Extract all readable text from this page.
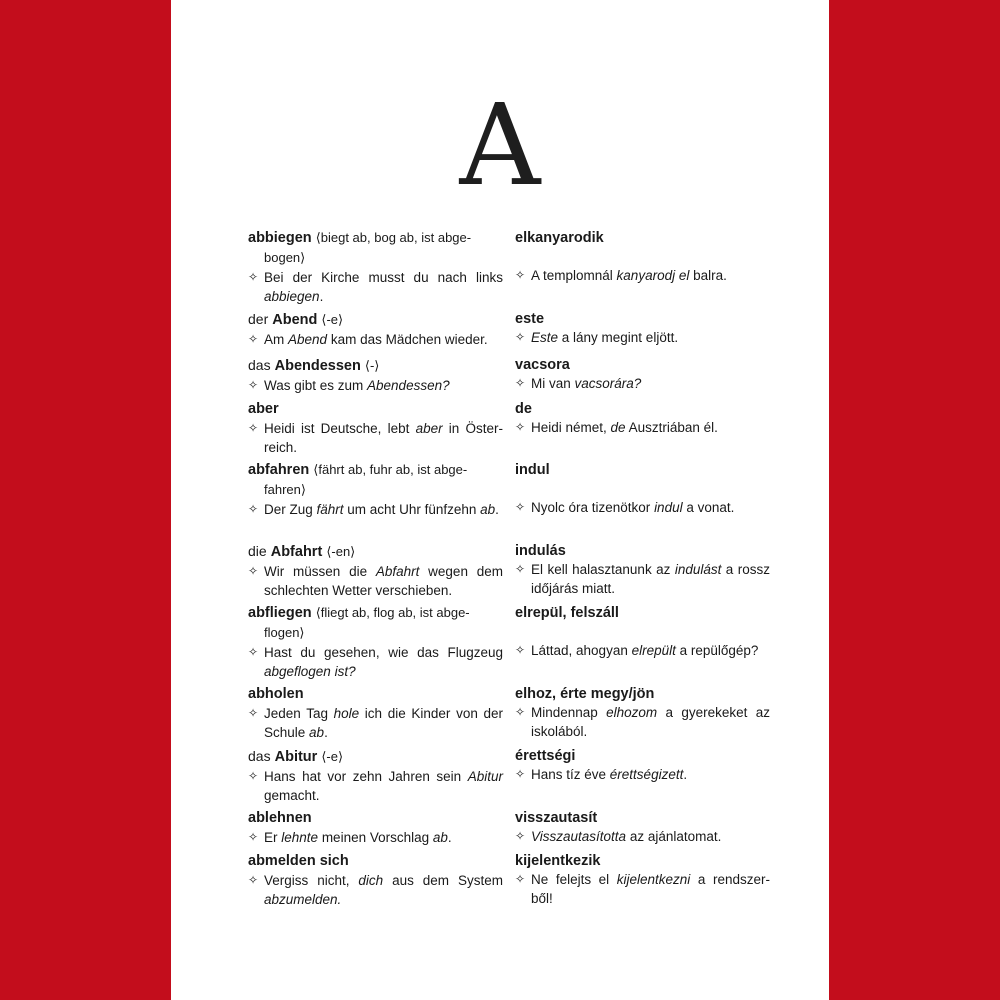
A
abbiegen ⟨biegt ab, bog ab, ist abge-
bogen⟩
✧ Bei der Kirche musst du nach links abbiegen.
der Abend ⟨-e⟩
✧ Am Abend kam das Mädchen wieder.
das Abendessen ⟨-⟩
✧ Was gibt es zum Abendessen?
aber
✧ Heidi ist Deutsche, lebt aber in Öster-reich.
abfahren ⟨fährt ab, fuhr ab, ist abge-
fahren⟩
✧ Der Zug fährt um acht Uhr fünfzehn ab.
die Abfahrt ⟨-en⟩
✧ Wir müssen die Abfahrt wegen dem schlechten Wetter verschieben.
abfliegen ⟨fliegt ab, flog ab, ist abge-
flogen⟩
✧ Hast du gesehen, wie das Flugzeug abgeflogen ist?
abholen
✧ Jeden Tag hole ich die Kinder von der Schule ab.
das Abitur ⟨-e⟩
✧ Hans hat vor zehn Jahren sein Abitur gemacht.
ablehnen
✧ Er lehnte meinen Vorschlag ab.
abmelden sich
✧ Vergiss nicht, dich aus dem System abzumelden.
elkanyarodik
✧ A templomnál kanyarodj el balra.
este
✧ Este a lány megint eljött.
vacsora
✧ Mi van vacsorára?
de
✧ Heidi német, de Ausztriában él.
indul
✧ Nyolc óra tizenötkor indul a vonat.
indulás
✧ El kell halasztanunk az indulást a rossz időjárás miatt.
elrepül, felszáll
✧ Láttad, ahogyan elrepült a repülőgép?
elhoz, érte megy/jön
✧ Mindennap elhozom a gyerekeket az iskolából.
érettségi
✧ Hans tíz éve érettségizett.
visszautasít
✧ Visszautasította az ajánlatomat.
kijelentkezik
✧ Ne felejts el kijelentkezni a rendszer-ből!
